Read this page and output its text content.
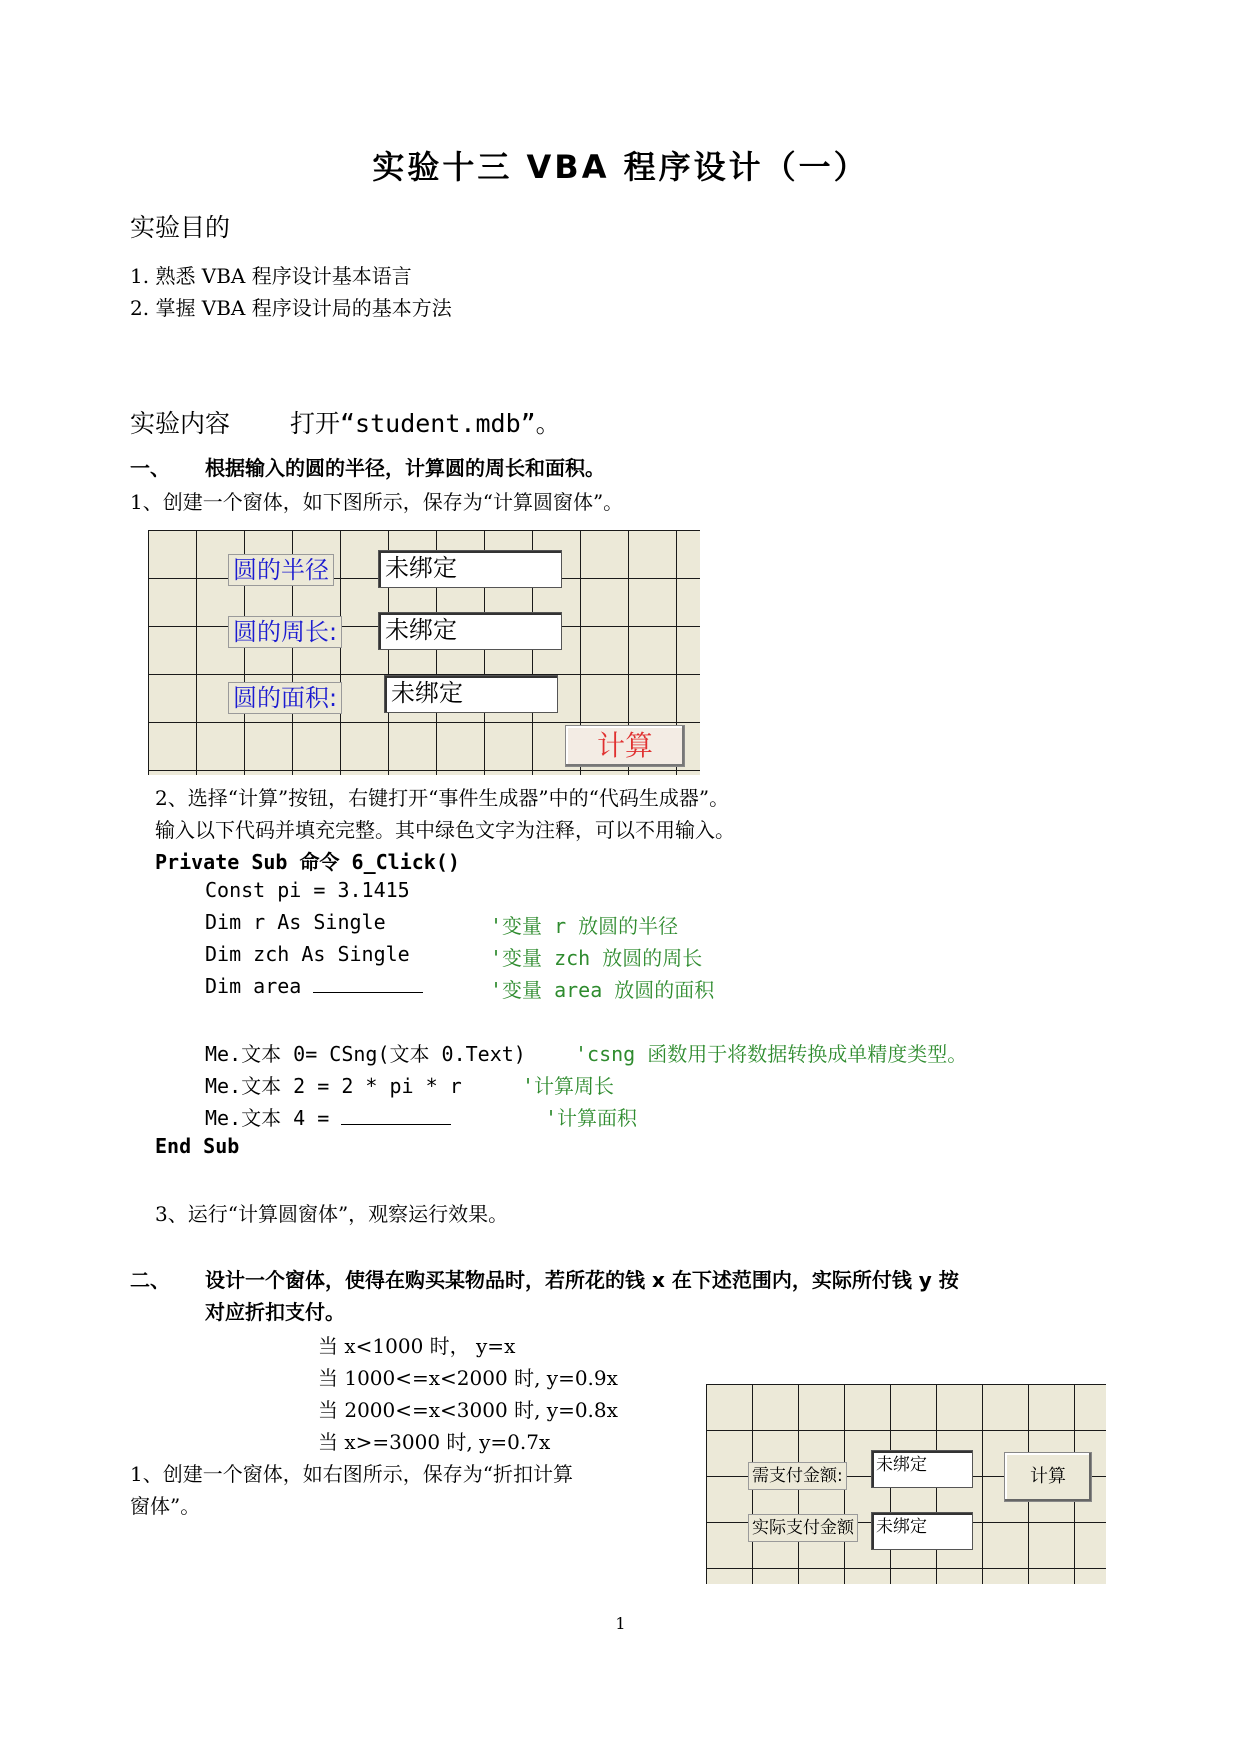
实验十三 VBA 程序设计（一）
实验目的
1. 熟悉 VBA 程序设计基本语言
2. 掌握 VBA 程序设计局的基本方法
实验内容 打开“student.mdb”。
一、 根据输入的圆的半径，计算圆的周长和面积。
1、创建一个窗体，如下图所示，保存为“计算圆窗体”。
圆的半径 未绑定
圆的周长: 未绑定
圆的面积: 未绑定
计算
2、选择“计算”按钮，右键打开“事件生成器”中的“代码生成器”。
输入以下代码并填充完整。其中绿色文字为注释，可以不用输入。
Private Sub 命令 6_Click()
Const pi = 3.1415
Dim r As Single	'变量 r 放圆的半径
Dim zch As Single	'变量 zch 放圆的周长
Dim area	'变量 area 放圆的面积
Me.文本 0= CSng(文本 0.Text) 'csng 函数用于将数据转换成单精度类型。
Me.文本 2 = 2 * pi * r	'计算周长
Me.文本 4 =	'计算面积
End Sub
3、运行“计算圆窗体”，观察运行效果。
二、 设计一个窗体，使得在购买某物品时，若所花的钱 x 在下述范围内，实际所付钱 y 按
对应折扣支付。
当 x<1000 时， y=x
当 1000<=x<2000 时, y=0.9x
当 2000<=x<3000 时, y=0.8x
当 x>=3000 时, y=0.7x
1、创建一个窗体，如右图所示，保存为“折扣计算
窗体”。
需支付金额:
未绑定
计算
实际支付金额 未绑定
1
